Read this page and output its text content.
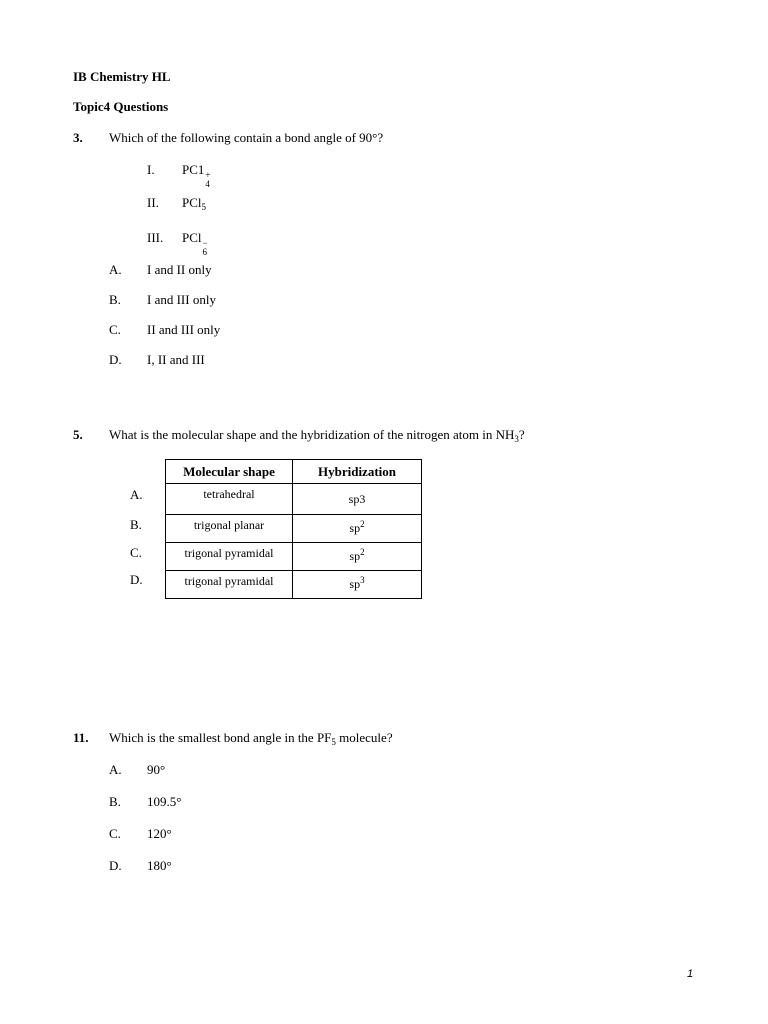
IB Chemistry HL
Topic4 Questions
3. Which of the following contain a bond angle of 90°?
I. PC1 +
4
II. PCl$_5$
III. PCl −
6
A. I and II only
B. I and III only
C. II and III only
D. I, II and III
5. What is the molecular shape and the hybridization of the nitrogen atom in $NH_3$?
Molecular shape	Hybridization
tetrahedral	sp3
trigonal planar	$sp^2$
trigonal pyramidal	$sp^2$
trigonal pyramidal	$sp^3$
A.
B.
C.
D.
11. Which is the smallest bond angle in the $PF_5$ molecule?
A. 90°
B. 109.5°
C. 120°
D. 180°
1
